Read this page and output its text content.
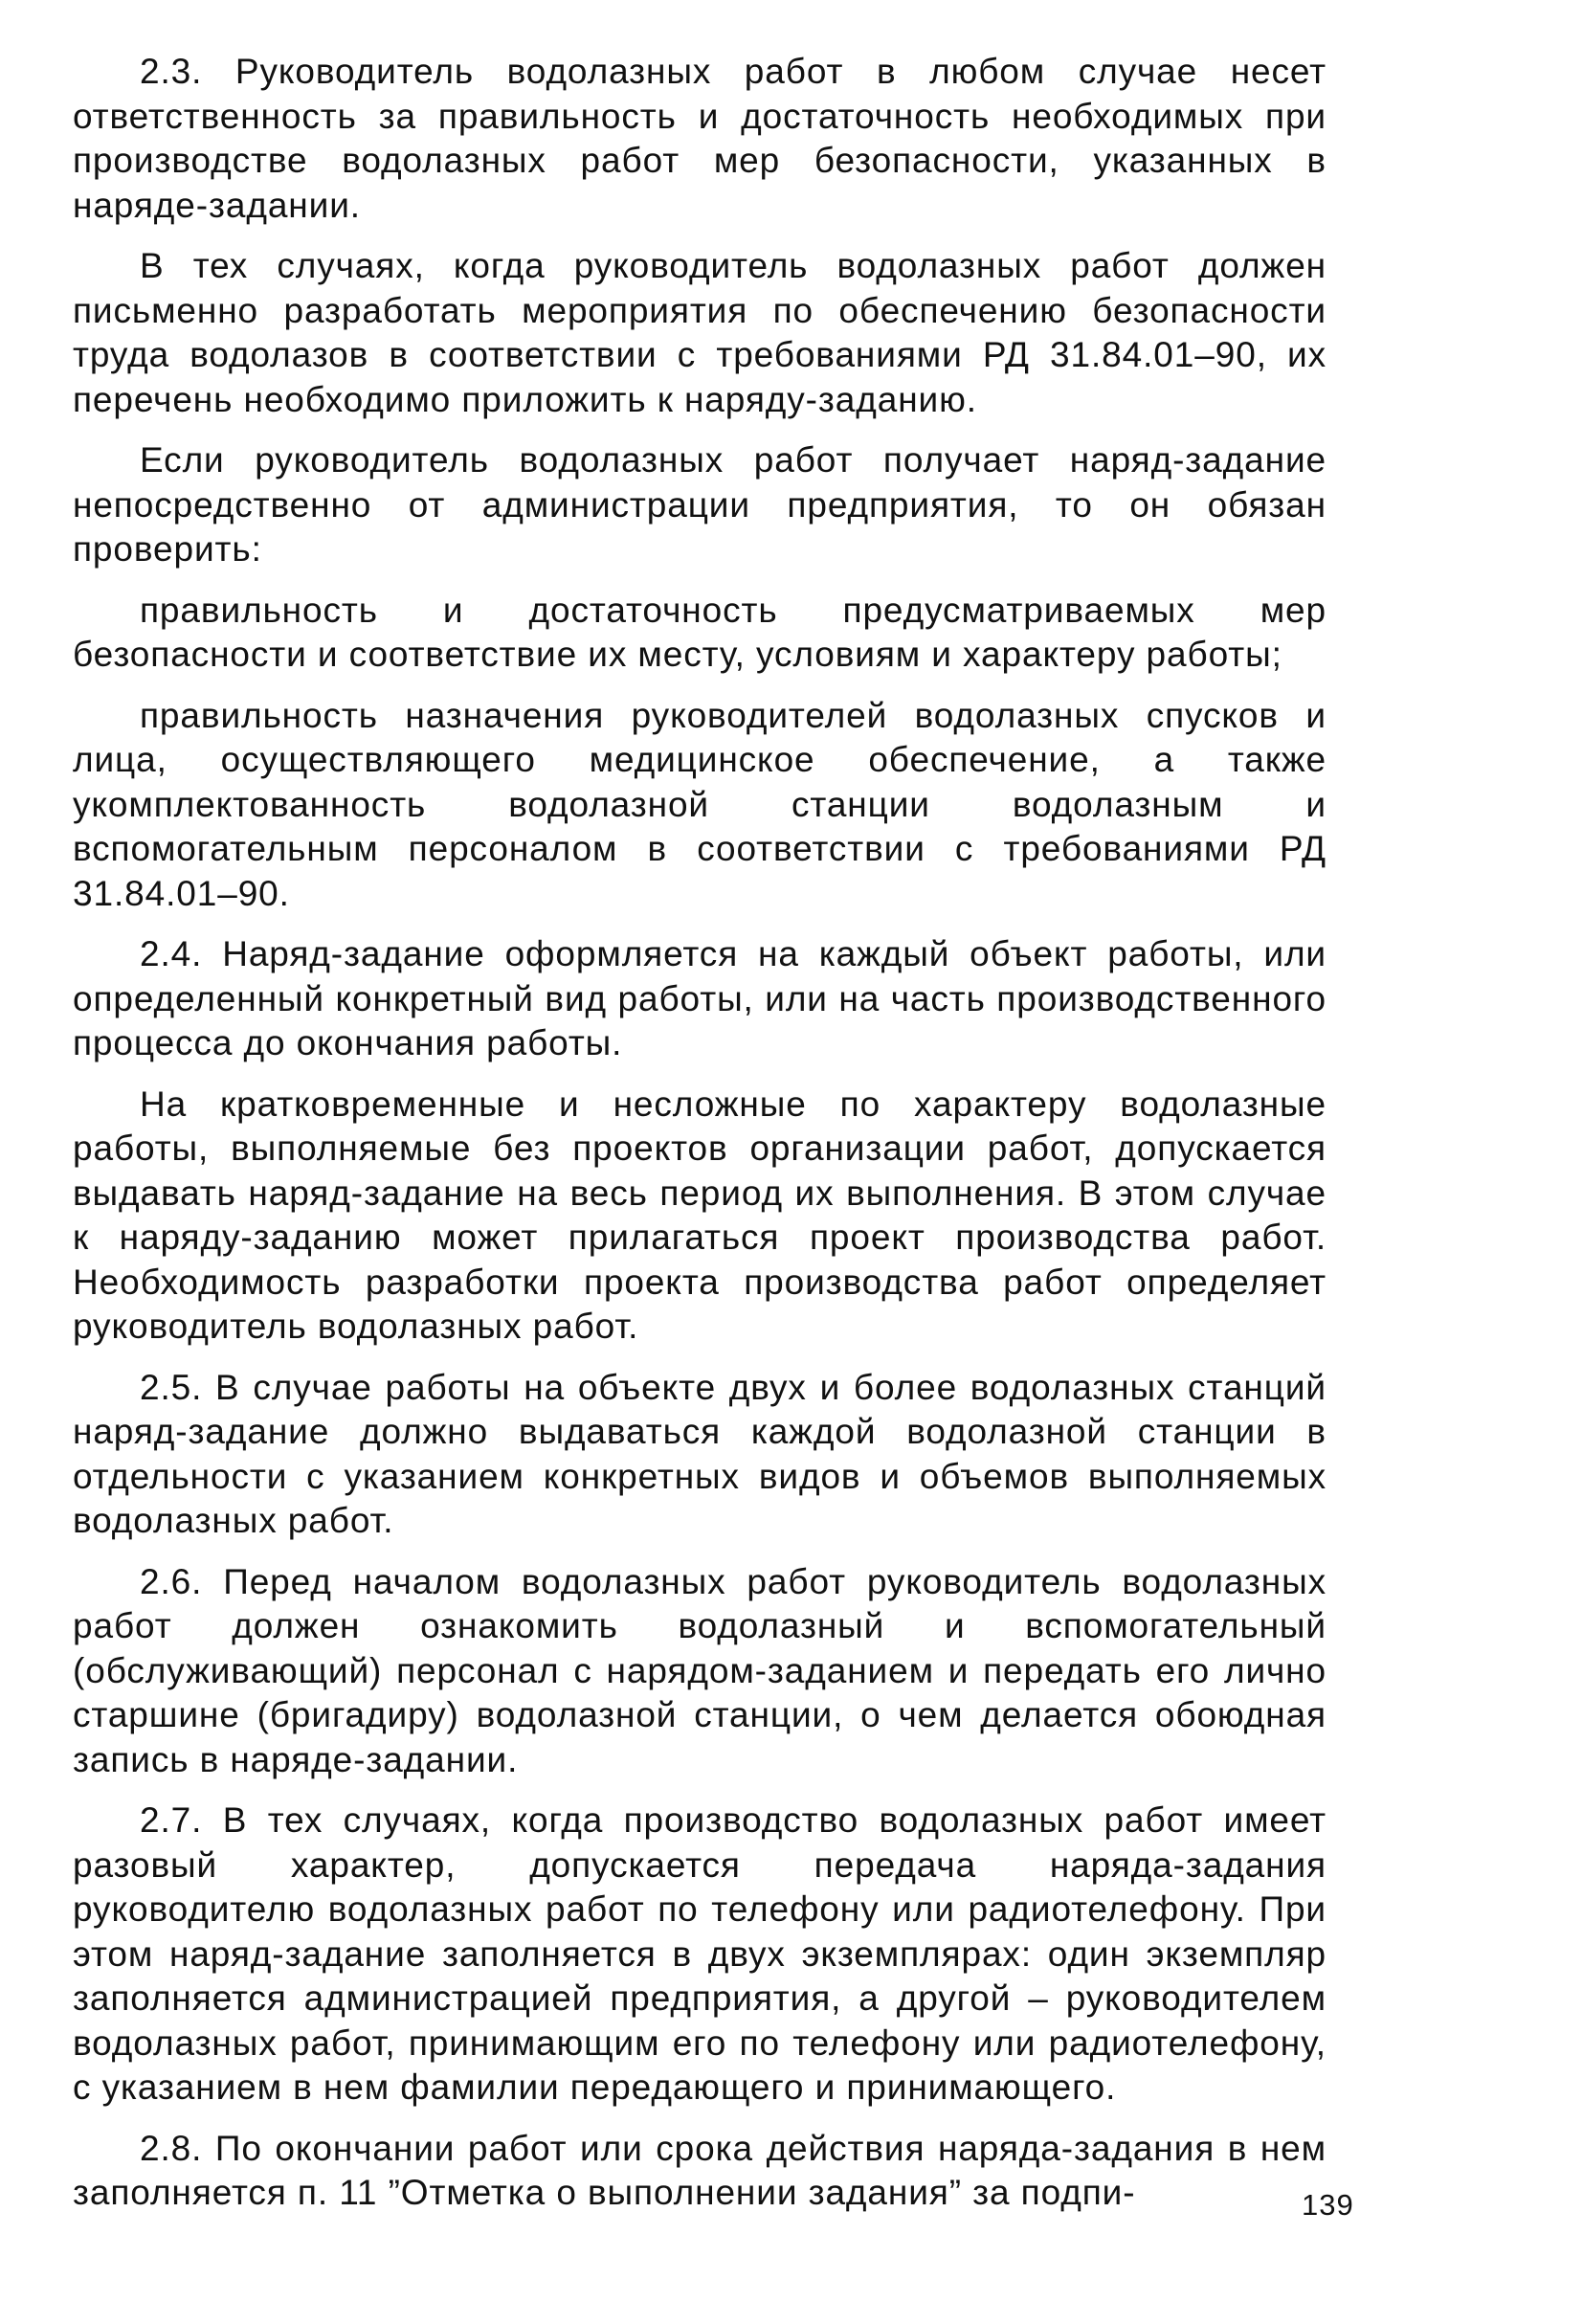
2.3. Руководитель водолазных работ в любом случае несет ответственность за правильность и достаточность необходимых при производстве водолазных работ мер безопасности, указанных в наряде-задании.

В тех случаях, когда руководитель водолазных работ должен письменно разработать мероприятия по обеспечению безопасности труда водолазов в соответствии с требованиями РД 31.84.01–90, их перечень необходимо приложить к наряду-заданию.

Если руководитель водолазных работ получает наряд-задание непосредственно от администрации предприятия, то он обязан проверить:

правильность и достаточность предусматриваемых мер безопасности и соответствие их месту, условиям и характеру работы;

правильность назначения руководителей водолазных спусков и лица, осуществляющего медицинское обеспечение, а также укомплектованность водолазной станции водолазным и вспомогательным персоналом в соответствии с требованиями РД 31.84.01–90.

2.4. Наряд-задание оформляется на каждый объект работы, или определенный конкретный вид работы, или на часть производственного процесса до окончания работы.

На кратковременные и несложные по характеру водолазные работы, выполняемые без проектов организации работ, допускается выдавать наряд-задание на весь период их выполнения. В этом случае к наряду-заданию может прилагаться проект производства работ. Необходимость разработки проекта производства работ определяет руководитель водолазных работ.

2.5. В случае работы на объекте двух и более водолазных станций наряд-задание должно выдаваться каждой водолазной станции в отдельности с указанием конкретных видов и объемов выполняемых водолазных работ.

2.6. Перед началом водолазных работ руководитель водолазных работ должен ознакомить водолазный и вспомогательный (обслуживающий) персонал с нарядом-заданием и передать его лично старшине (бригадиру) водолазной станции, о чем делается обоюдная запись в наряде-задании.

2.7. В тех случаях, когда производство водолазных работ имеет разовый характер, допускается передача наряда-задания руководителю водолазных работ по телефону или радиотелефону. При этом наряд-задание заполняется в двух экземплярах: один экземпляр заполняется администрацией предприятия, а другой – руководителем водолазных работ, принимающим его по телефону или радиотелефону, с указанием в нем фамилии передающего и принимающего.

2.8. По окончании работ или срока действия наряда-задания в нем заполняется п. 11 ”Отметка о выполнении задания” за подпи-	139
